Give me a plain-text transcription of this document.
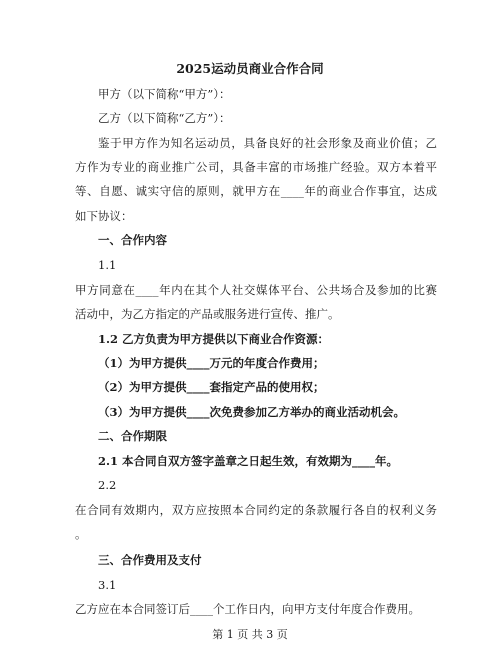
2025运动员商业合作合同
甲方（以下简称“甲方”）：
乙方（以下简称“乙方”）：
鉴于甲方作为知名运动员，具备良好的社会形象及商业价值；乙
方作为专业的商业推广公司，具备丰富的市场推广经验。双方本着平
等、自愿、诚实守信的原则，就甲方在____年的商业合作事宜，达成
如下协议：
一、合作内容
1.1
甲方同意在____年内在其个人社交媒体平台、公共场合及参加的比赛
活动中，为乙方指定的产品或服务进行宣传、推广。
1.2 乙方负责为甲方提供以下商业合作资源：
（1）为甲方提供____万元的年度合作费用；
（2）为甲方提供____套指定产品的使用权；
（3）为甲方提供____次免费参加乙方举办的商业活动机会。
二、合作期限
2.1 本合同自双方签字盖章之日起生效，有效期为____年。
2.2
在合同有效期内，双方应按照本合同约定的条款履行各自的权利义务
。
三、合作费用及支付
3.1
乙方应在本合同签订后____个工作日内，向甲方支付年度合作费用。
第 1 页 共 3 页
